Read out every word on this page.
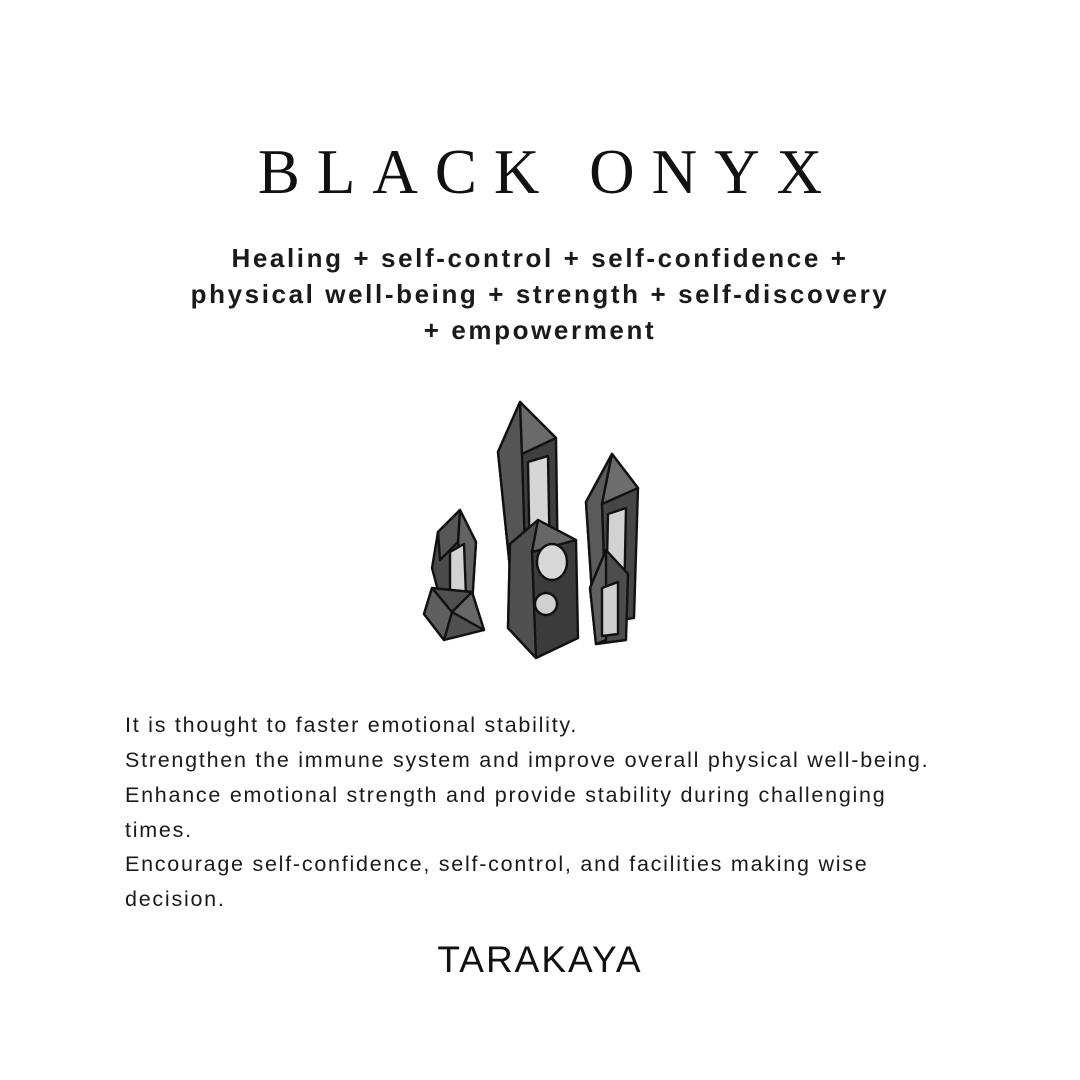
BLACK ONYX
Healing + self-control + self-confidence + physical well-being + strength + self-discovery + empowerment

It is thought to faster emotional stability.

Strengthen the immune system and improve overall physical well-being.

Enhance emotional strength and provide stability during challenging times.

Encourage self-confidence, self-control, and facilities making wise decision.

TARAKAYA
